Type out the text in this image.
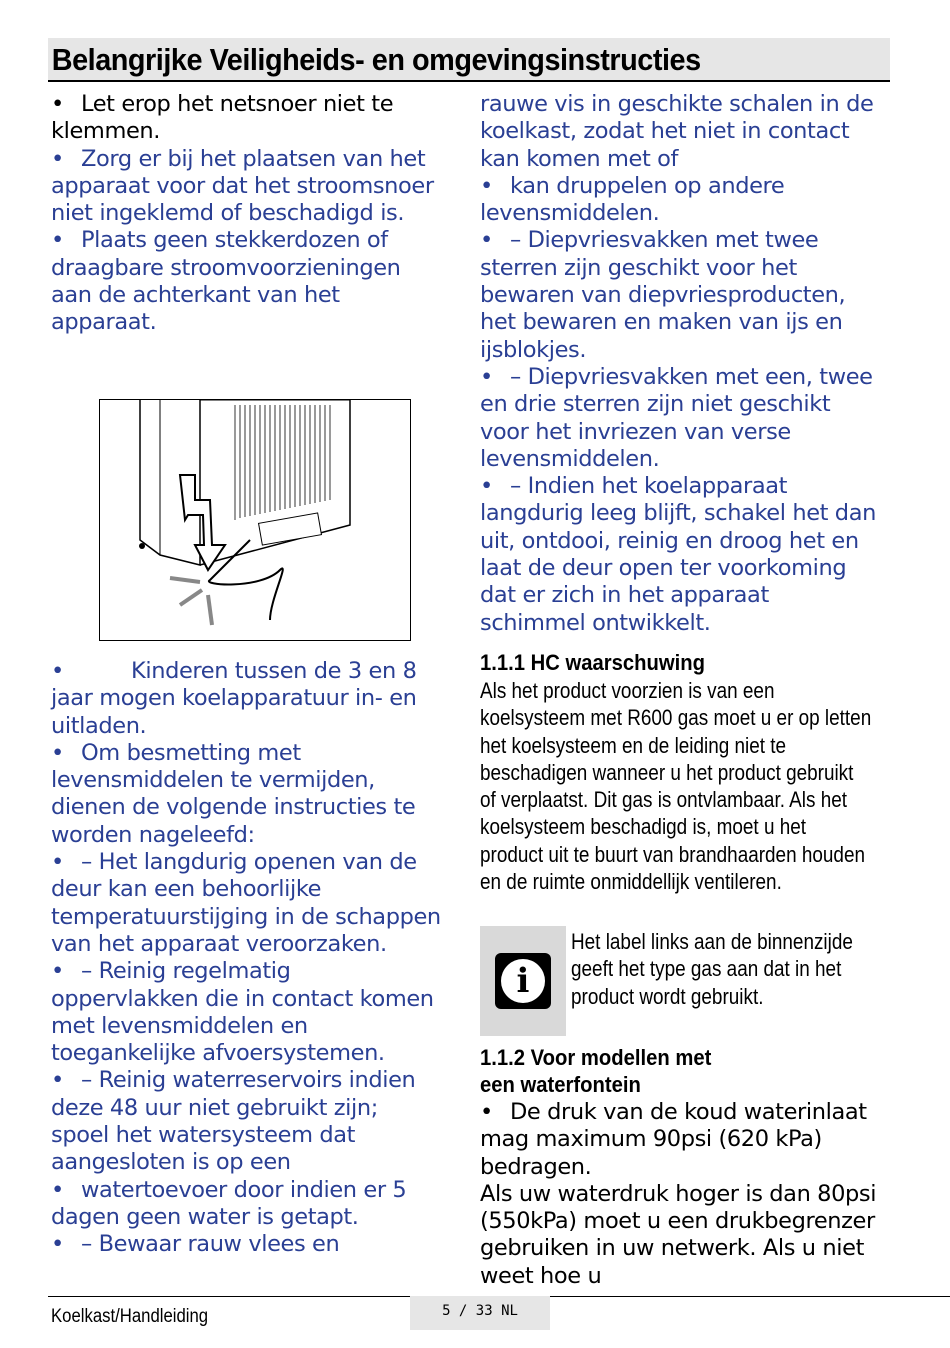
Belangrijke Veiligheids- en omgevingsinstructies

• Let erop het netsnoer niet te klemmen.

• Zorg er bij het plaatsen van het apparaat voor dat het stroomsnoer niet ingeklemd of beschadigd is.

• Plaats geen stekkerdozen of draagbare stroomvoorzieningen aan de achterkant van het apparaat.

• Kinderen tussen de 3 en 8 jaar mogen koelapparatuur in- en uitladen.

• Om besmetting met levensmiddelen te vermijden, dienen de volgende instructies te worden nageleefd:

• – Het langdurig openen van de deur kan een behoorlijke temperatuurstijging in de schappen van het apparaat veroorzaken.

• – Reinig regelmatig oppervlakken die in contact komen met levensmiddelen en toegankelijke afvoersystemen.

• – Reinig waterreservoirs indien deze 48 uur niet gebruikt zijn; spoel het watersysteem dat aangesloten is op een

• watertoevoer door indien er 5 dagen geen water is getapt.

• – Bewaar rauw vlees en

rauwe vis in geschikte schalen in de koelkast, zodat het niet in contact kan komen met of

• kan druppelen op andere levensmiddelen.

• – Diepvriesvakken met twee sterren zijn geschikt voor het bewaren van diepvriesproducten, het bewaren en maken van ijs en ijsblokjes.

• – Diepvriesvakken met een, twee en drie sterren zijn niet geschikt voor het invriezen van verse levensmiddelen.

• – Indien het koelapparaat langdurig leeg blijft, schakel het dan uit, ontdooi, reinig en droog het en laat de deur open ter voorkoming dat er zich in het apparaat schimmel ontwikkelt.

1.1.1 HC waarschuwing

Als het product voorzien is van een koelsysteem met R600 gas moet u er op letten het koelsysteem en de leiding niet te beschadigen wanneer u het product gebruikt of verplaatst. Dit gas is ontvlambaar. Als het koelsysteem beschadigd is, moet u het product uit te buurt van brandhaarden houden en de ruimte onmiddellijk ventileren.

i

Het label links aan de binnenzijde geeft het type gas aan dat in het product wordt gebruikt.

1.1.2 Voor modellen met
een waterfontein

• De druk van de koud waterinlaat mag maximum 90psi (620 kPa) bedragen.

Als uw waterdruk hoger is dan 80psi (550kPa) moet u een drukbegrenzer gebruiken in uw netwerk. Als u niet weet hoe u

Koelkast/Handleiding	5 / 33 NL
